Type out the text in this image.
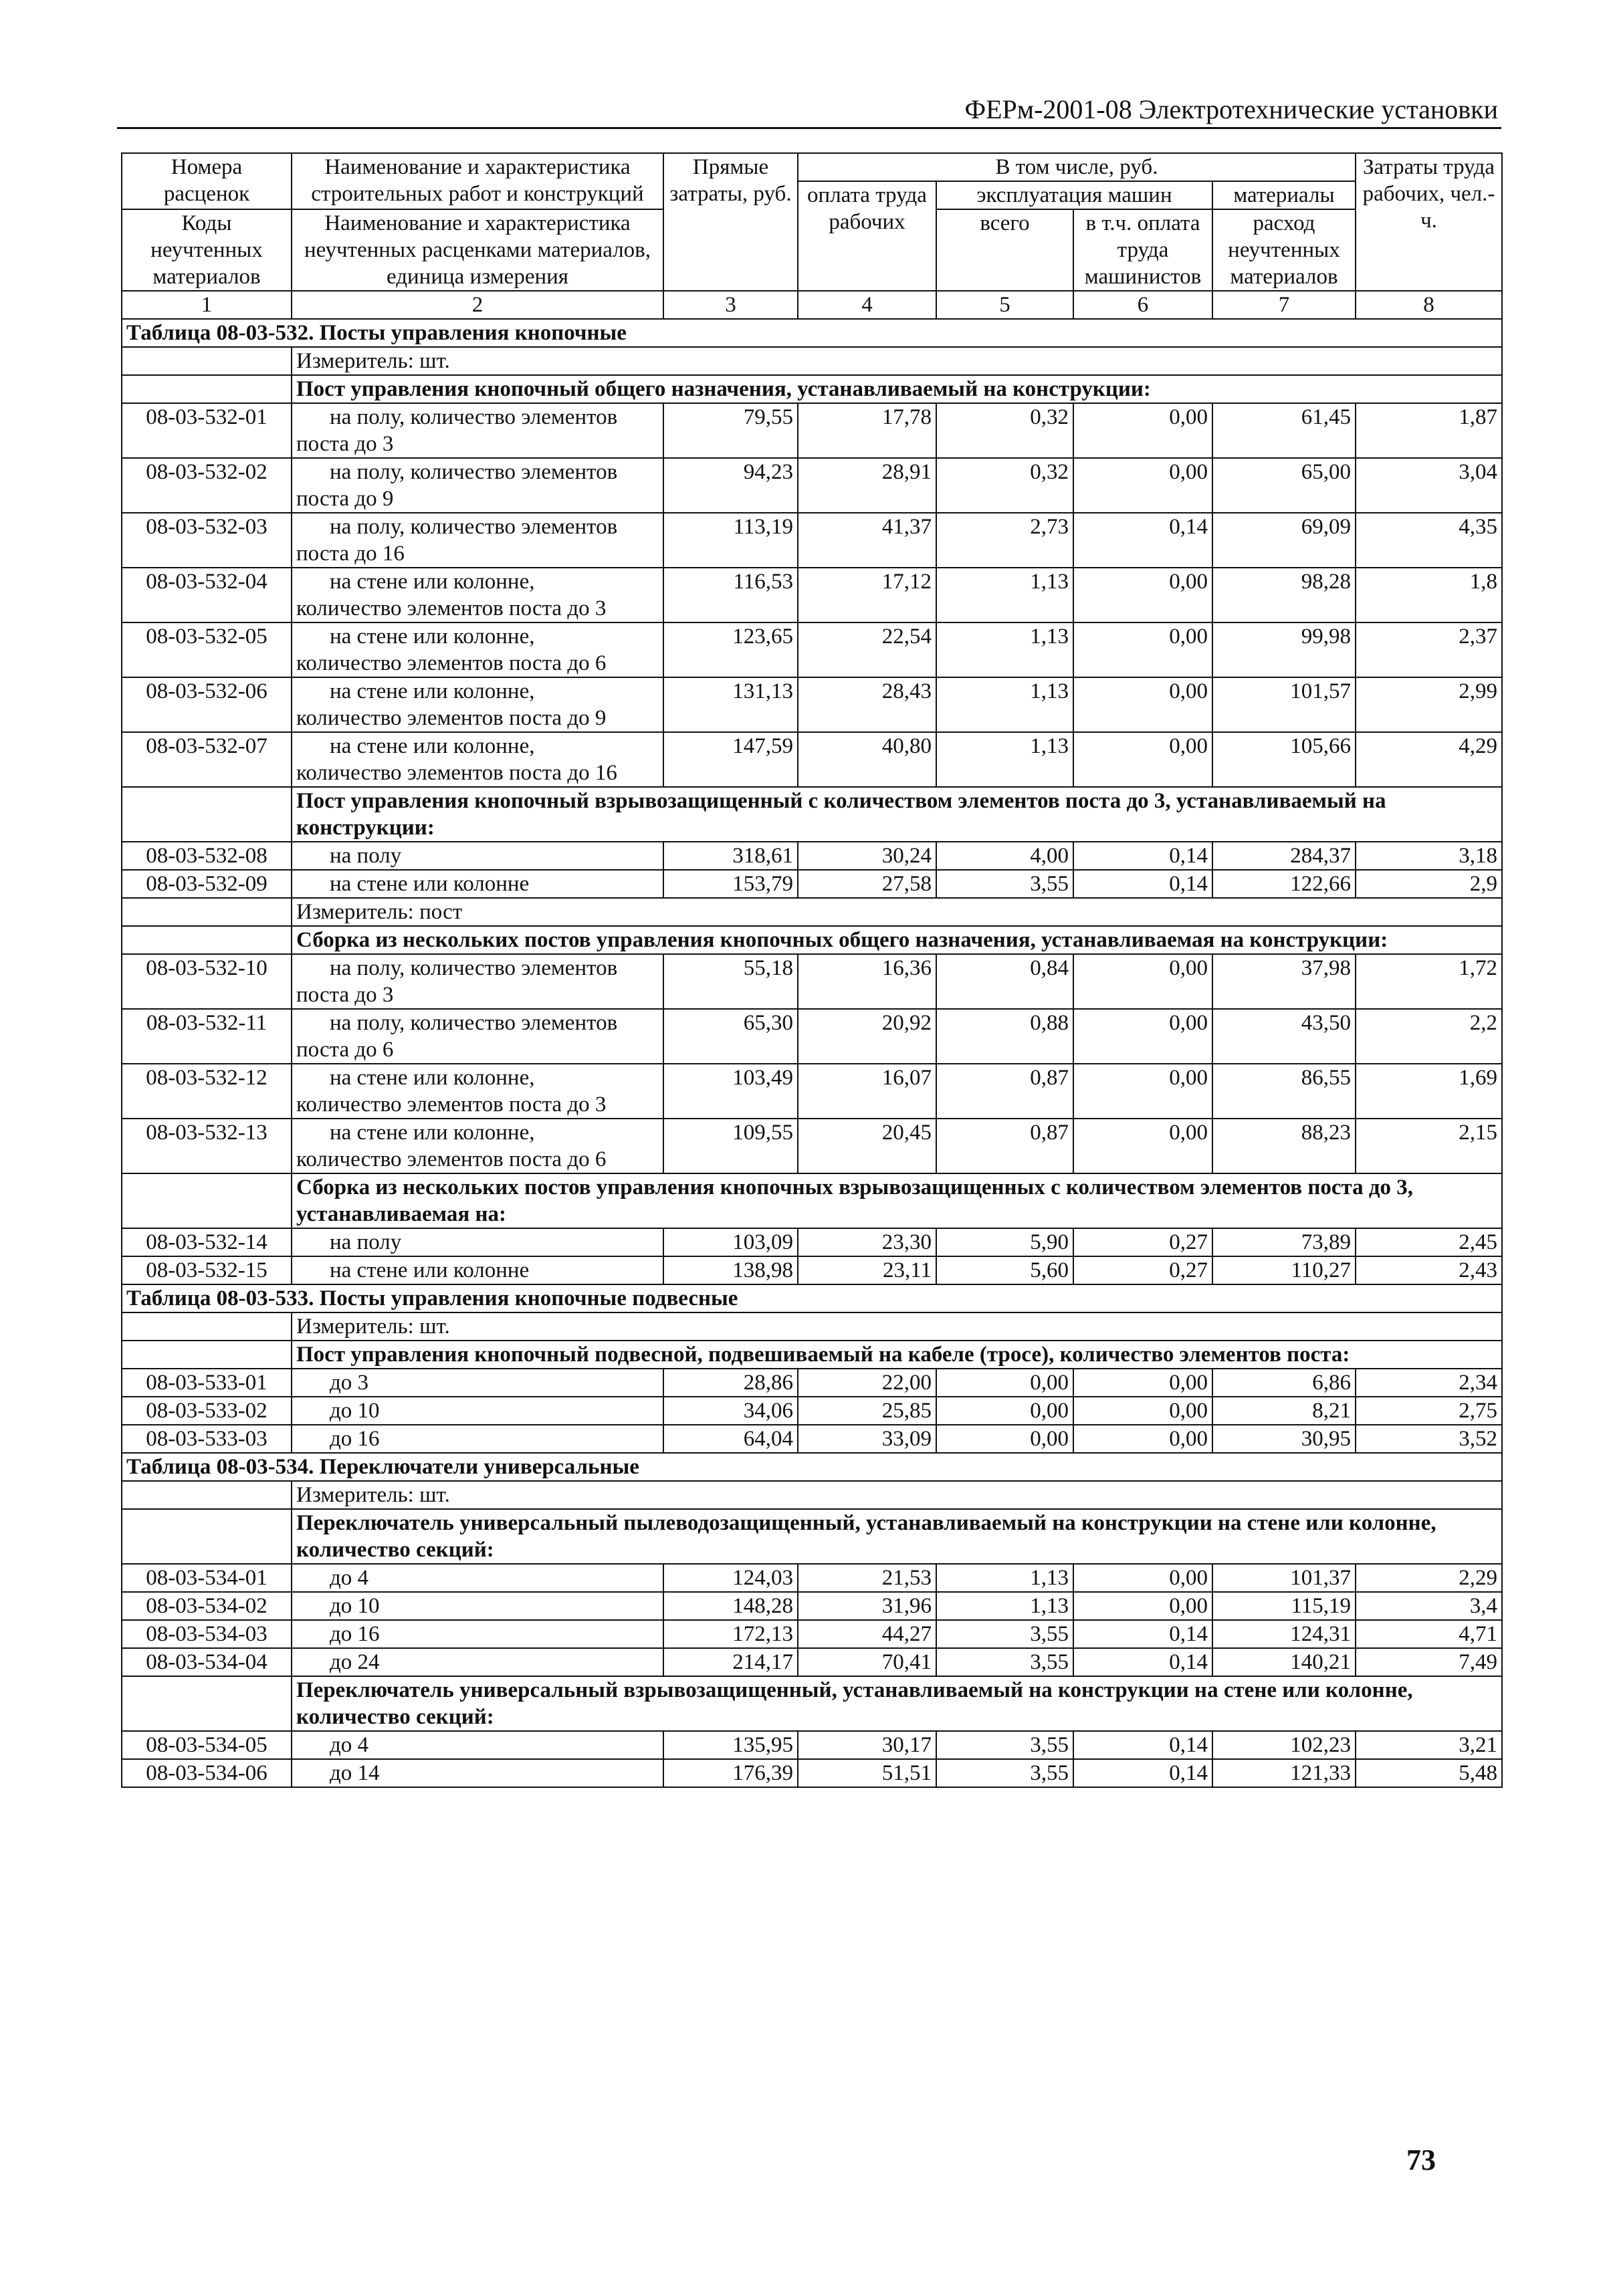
ФЕРм-2001-08 Электротехнические установки
Номера расценок	Наименование и характеристика строительных работ и конструкций	Прямые затраты, руб.	В том числе, руб.				Затраты труда рабочих, чел.-ч.
			оплата труда рабочих	эксплуатация машин		материалы	
Коды неучтенных материалов	Наименование и характеристика неучтенных расценками материалов, единица измерения			всего	в т.ч. оплата труда машинистов	расход неучтенных материалов	

1	2	3	4	5	6	7	8
Таблица 08-03-532. Посты управления кнопочные							
	Измеритель: шт.						
	Пост управления кнопочный общего назначения, устанавливаемый на конструкции:						
08-03-532-01	на полу, количество элементов
поста до 3	79,55	17,78	0,32	0,00	61,45	1,87
08-03-532-02	на полу, количество элементов
поста до 9	94,23	28,91	0,32	0,00	65,00	3,04
08-03-532-03	на полу, количество элементов
поста до 16	113,19	41,37	2,73	0,14	69,09	4,35
08-03-532-04	на стене или колонне,
количество элементов поста до 3	116,53	17,12	1,13	0,00	98,28	1,8
08-03-532-05	на стене или колонне,
количество элементов поста до 6	123,65	22,54	1,13	0,00	99,98	2,37
08-03-532-06	на стене или колонне,
количество элементов поста до 9	131,13	28,43	1,13	0,00	101,57	2,99
08-03-532-07	на стене или колонне,
количество элементов поста до 16	147,59	40,80	1,13	0,00	105,66	4,29
	Пост управления кнопочный взрывозащищенный с количеством элементов поста до 3, устанавливаемый на конструкции:						
08-03-532-08	на полу	318,61	30,24	4,00	0,14	284,37	3,18
08-03-532-09	на стене или колонне	153,79	27,58	3,55	0,14	122,66	2,9
	Измеритель: пост						
	Сборка из нескольких постов управления кнопочных общего назначения, устанавливаемая на конструкции:						
08-03-532-10	на полу, количество элементов
поста до 3	55,18	16,36	0,84	0,00	37,98	1,72
08-03-532-11	на полу, количество элементов
поста до 6	65,30	20,92	0,88	0,00	43,50	2,2
08-03-532-12	на стене или колонне,
количество элементов поста до 3	103,49	16,07	0,87	0,00	86,55	1,69
08-03-532-13	на стене или колонне,
количество элементов поста до 6	109,55	20,45	0,87	0,00	88,23	2,15
	Сборка из нескольких постов управления кнопочных взрывозащищенных с количеством элементов поста до 3, устанавливаемая на:						
08-03-532-14	на полу	103,09	23,30	5,90	0,27	73,89	2,45
08-03-532-15	на стене или колонне	138,98	23,11	5,60	0,27	110,27	2,43
Таблица 08-03-533. Посты управления кнопочные подвесные							
	Измеритель: шт.						
	Пост управления кнопочный подвесной, подвешиваемый на кабеле (тросе), количество элементов поста:						
08-03-533-01	до 3	28,86	22,00	0,00	0,00	6,86	2,34
08-03-533-02	до 10	34,06	25,85	0,00	0,00	8,21	2,75
08-03-533-03	до 16	64,04	33,09	0,00	0,00	30,95	3,52
Таблица 08-03-534. Переключатели универсальные							
	Измеритель: шт.						
	Переключатель универсальный пылеводозащищенный, устанавливаемый на конструкции на стене или колонне, количество секций:						
08-03-534-01	до 4	124,03	21,53	1,13	0,00	101,37	2,29
08-03-534-02	до 10	148,28	31,96	1,13	0,00	115,19	3,4
08-03-534-03	до 16	172,13	44,27	3,55	0,14	124,31	4,71
08-03-534-04	до 24	214,17	70,41	3,55	0,14	140,21	7,49
	Переключатель универсальный взрывозащищенный, устанавливаемый на конструкции на стене или колонне, количество секций:						
08-03-534-05	до 4	135,95	30,17	3,55	0,14	102,23	3,21
08-03-534-06	до 14	176,39	51,51	3,55	0,14	121,33	5,48
73
